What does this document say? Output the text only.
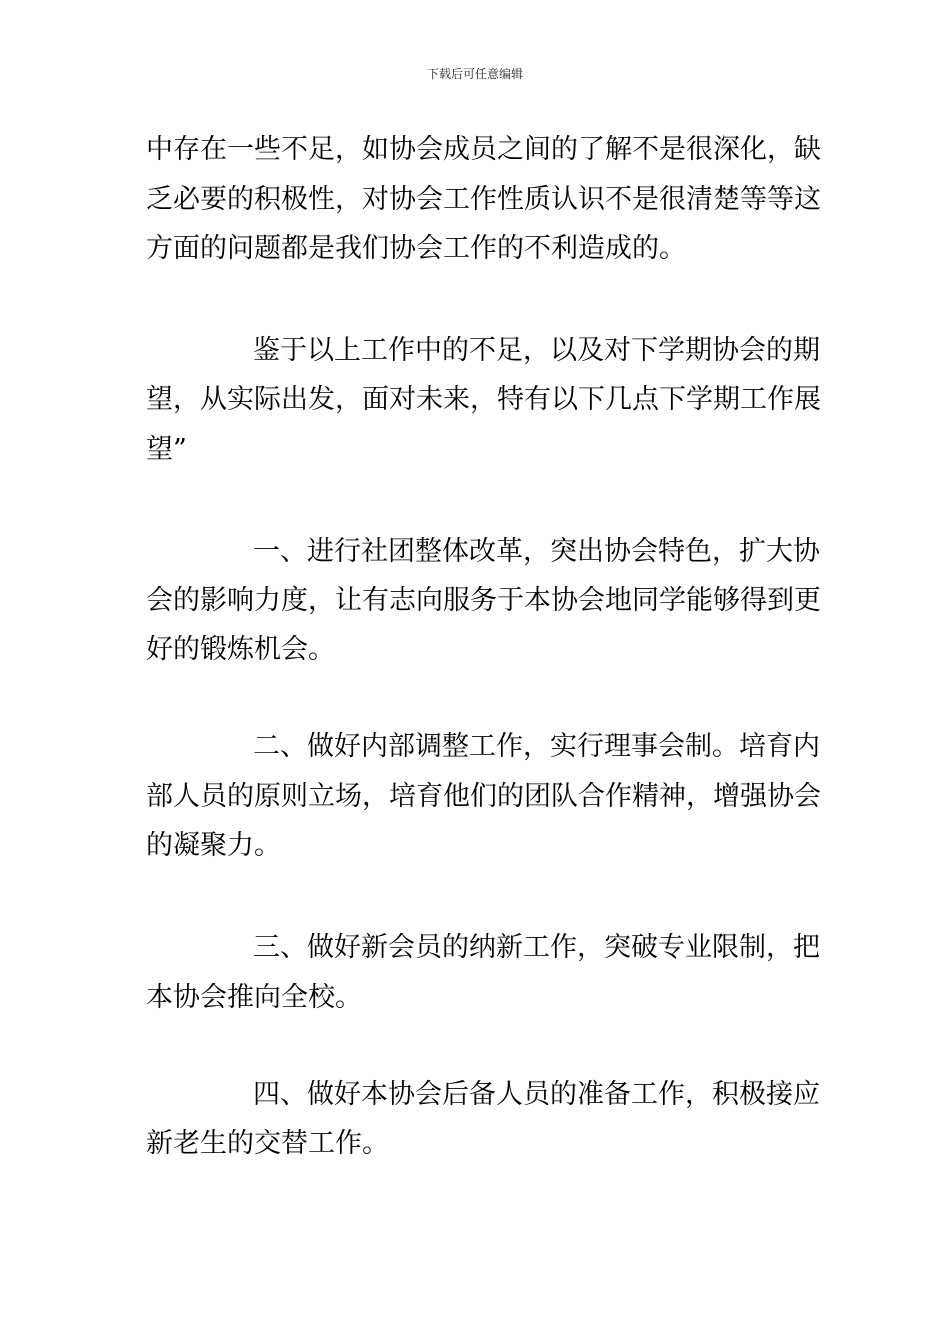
下载后可任意编辑
中存在一些不足，如协会成员之间的了解不是很深化，缺
乏必要的积极性，对协会工作性质认识不是很清楚等等这
方面的问题都是我们协会工作的不利造成的。
鉴于以上工作中的不足，以及对下学期协会的期
望，从实际出发，面对未来，特有以下几点下学期工作展
望”
一、进行社团整体改革，突出协会特色，扩大协
会的影响力度，让有志向服务于本协会地同学能够得到更
好的锻炼机会。
二、做好内部调整工作，实行理事会制。培育内
部人员的原则立场，培育他们的团队合作精神，增强协会
的凝聚力。
三、做好新会员的纳新工作，突破专业限制，把
本协会推向全校。
四、做好本协会后备人员的准备工作，积极接应
新老生的交替工作。
